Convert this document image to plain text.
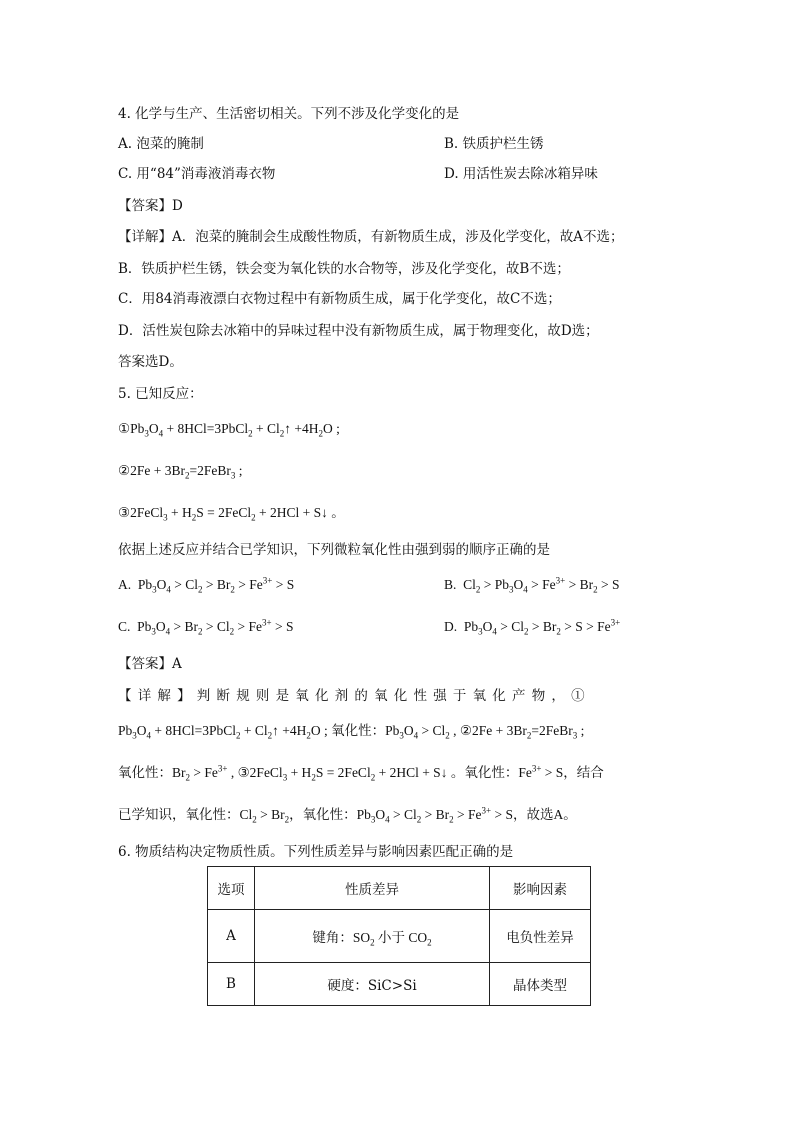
4. 化学与生产、生活密切相关。下列不涉及化学变化的是
A. 泡菜的腌制	B. 铁质护栏生锈
C. 用“84”消毒液消毒衣物	D. 用活性炭去除冰箱异味
【答案】D
【详解】A．泡菜的腌制会生成酸性物质，有新物质生成，涉及化学变化，故A不选；
B．铁质护栏生锈，铁会变为氧化铁的水合物等，涉及化学变化，故B不选；
C．用84消毒液漂白衣物过程中有新物质生成，属于化学变化，故C不选；
D．活性炭包除去冰箱中的异味过程中没有新物质生成，属于物理变化，故D选；
答案选D。
5. 已知反应：
$①Pb_3O_4$ + 8HCl=3PbCl$_2$ + $Cl_2↑ +4H_2O$ ;
②2Fe + $3Br_2=2FeBr_3$ ;
③2FeCl$_3$ + $H_2S$ = 2FeCl$_2$ + 2HCl + S↓ 。
依据上述反应并结合已学知识，下列微粒氧化性由强到弱的顺序正确的是
A.  $Pb_3O_4 > Cl_2 > Br_2 > Fe^{3+} > S$	B.  $Cl_2 > Pb_3O_4 > Fe^{3+} > Br_2 > S$
C.  $Pb_3O_4 > Br_2 > Cl_2 > Fe^{3+} > S$	D.  $Pb_3O_4 > Cl_2 > Br_2 > S > Fe^{3+}$
【答案】A
【详解】判断规则是氧化剂的氧化性强于氧化产物，①
$Pb_3O_4$ + 8HCl=3PbCl$_2$ + $Cl_2↑ +4H_2O$ ; 氧化性：$Pb_3O_4 > Cl_2$ , ②2Fe + $3Br_2=2FeBr_3$ ;
氧化性：$Br_2 > Fe^{3+}$ , ③2FeCl$_3$ + $H_2S$ = 2FeCl$_2$ + 2HCl + S↓ 。氧化性：$Fe^{3+} > S$，结合
已学知识，氧化性：$Cl_2 > Br_2$，氧化性：$Pb_3O_4 > Cl_2 > Br_2 > Fe^{3+} > S$，故选A。
6. 物质结构决定物质性质。下列性质差异与影响因素匹配正确的是
选项	性质差异	影响因素
A	键角：$SO_2$ 小于 $CO_2$	电负性差异
B	硬度：SiC>Si	晶体类型
